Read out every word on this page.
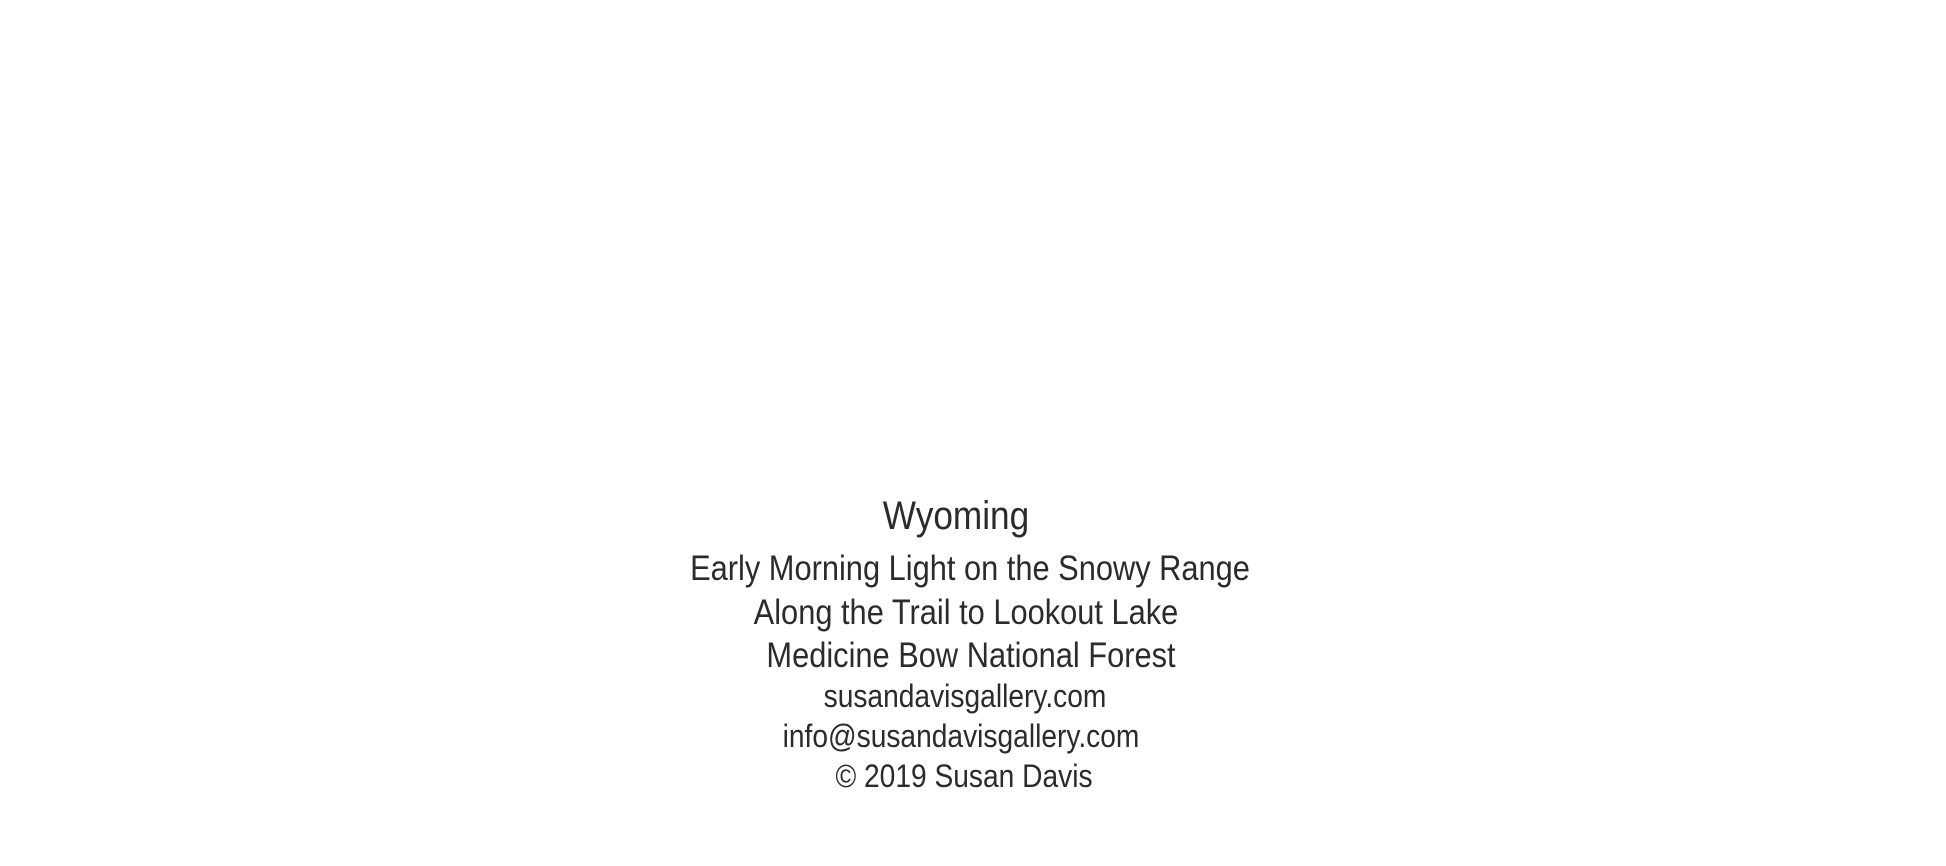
Wyoming
Early Morning Light on the Snowy Range
Along the Trail to Lookout Lake
Medicine Bow National Forest
susandavisgallery.com
info@susandavisgallery.com
© 2019 Susan Davis
